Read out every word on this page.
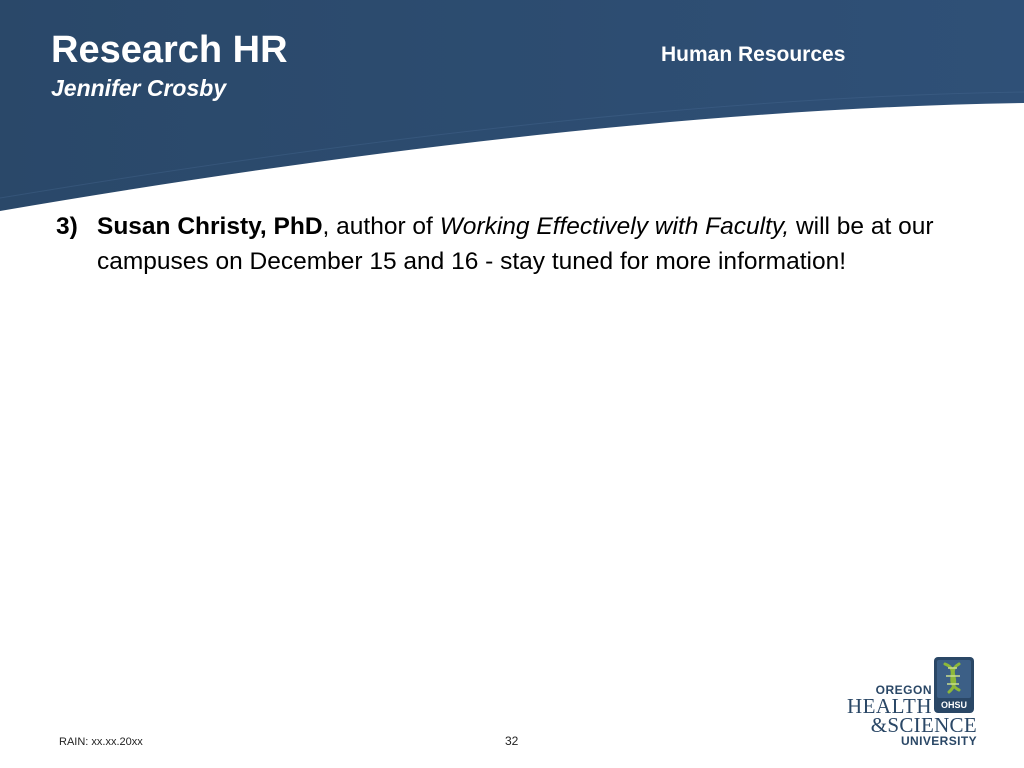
Research HR
Jennifer Crosby
Human Resources
3) Susan Christy, PhD, author of Working Effectively with Faculty, will be at our campuses on December 15 and 16 - stay tuned for more information!
RAIN: xx.xx.20xx	32
OHSU
OREGON
HEALTH
&SCIENCE
UNIVERSITY
